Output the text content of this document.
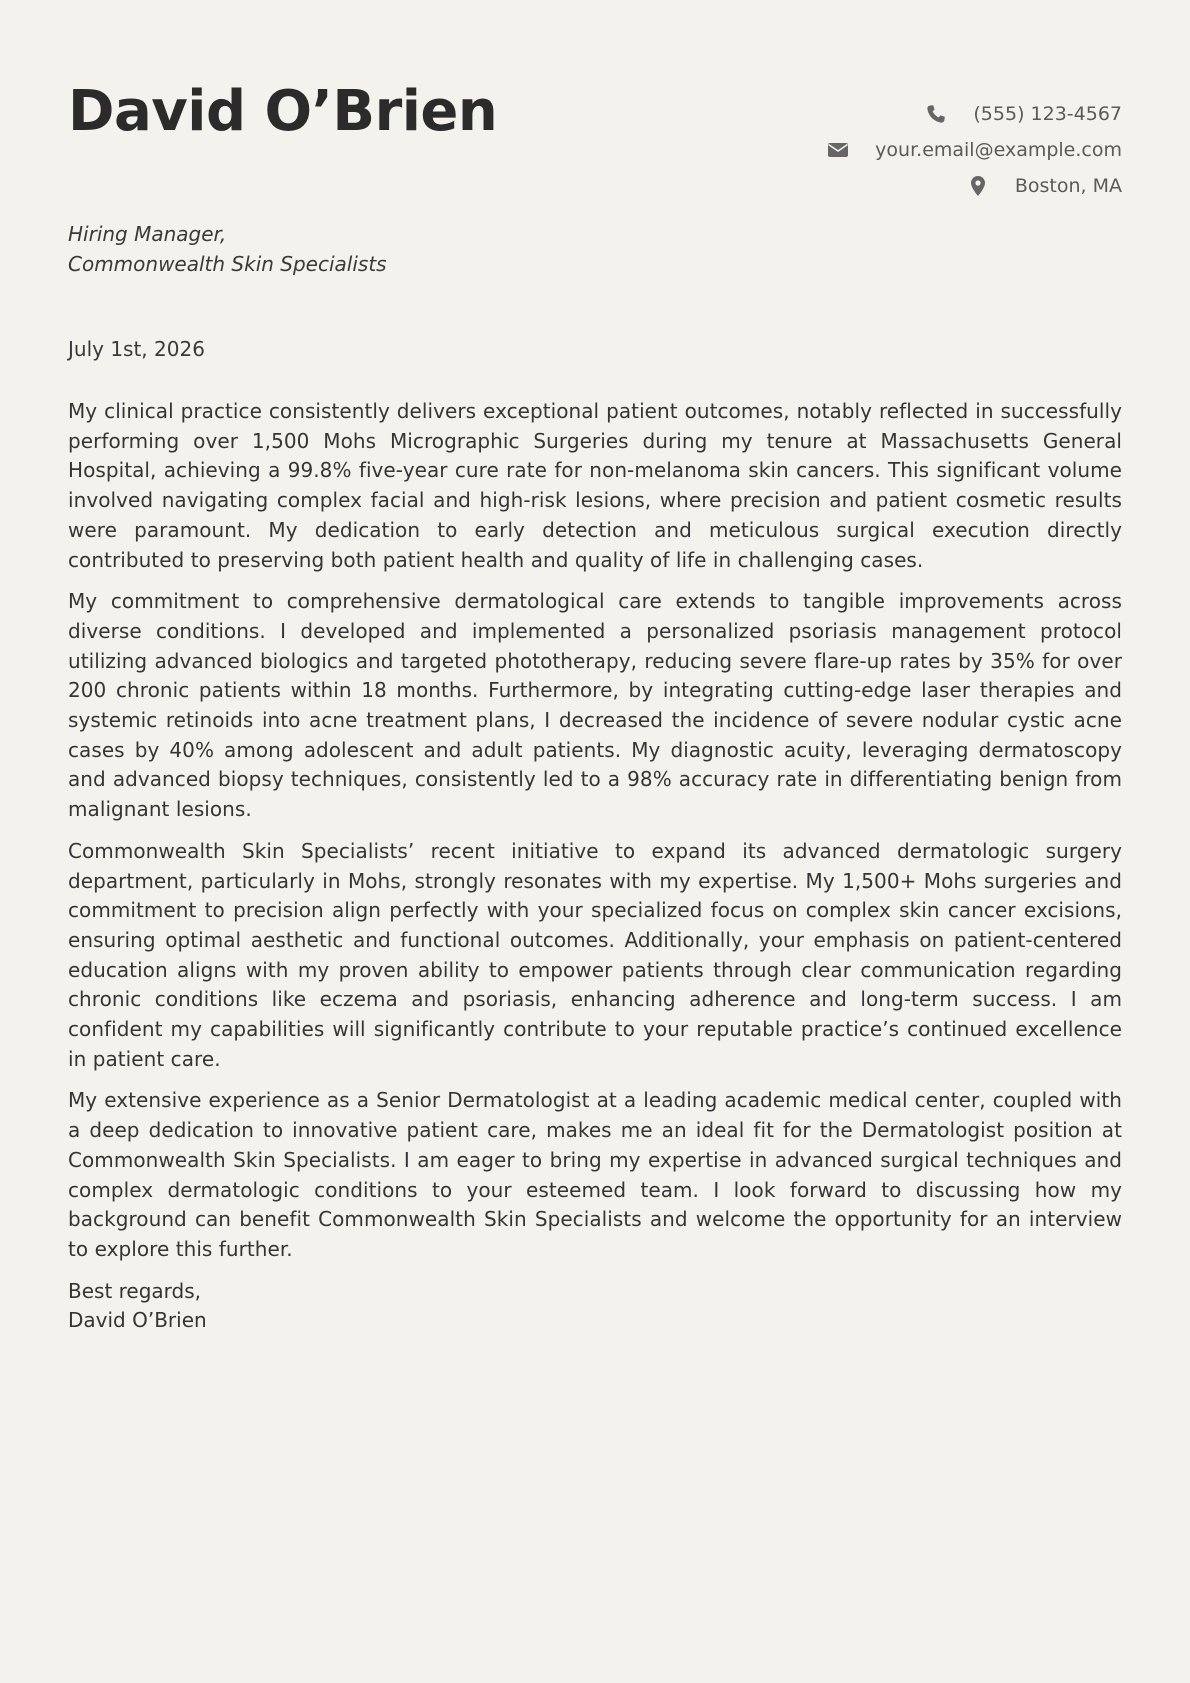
David O’Brien	(555) 123-4567
your.email@example.com
Boston, MA
Hiring Manager,
Commonwealth Skin Specialists
July 1st, 2026

My clinical practice consistently delivers exceptional patient outcomes, notably reflected in successfully performing over 1,500 Mohs Micrographic Surgeries during my tenure at Massachusetts General Hospital, achieving a 99.8% five-year cure rate for non-melanoma skin cancers. This significant volume involved navigating complex facial and high-risk lesions, where precision and patient cosmetic results were paramount. My dedication to early detection and meticulous surgical execution directly contributed to preserving both patient health and quality of life in challenging cases.

My commitment to comprehensive dermatological care extends to tangible improvements across diverse conditions. I developed and implemented a personalized psoriasis management protocol utilizing advanced biologics and targeted phototherapy, reducing severe flare-up rates by 35% for over 200 chronic patients within 18 months. Furthermore, by integrating cutting-edge laser therapies and systemic retinoids into acne treatment plans, I decreased the incidence of severe nodular cystic acne cases by 40% among adolescent and adult patients. My diagnostic acuity, leveraging dermatoscopy and advanced biopsy techniques, consistently led to a 98% accuracy rate in differentiating benign from malignant lesions.

Commonwealth Skin Specialists’ recent initiative to expand its advanced dermatologic surgery department, particularly in Mohs, strongly resonates with my expertise. My 1,500+ Mohs surgeries and commitment to precision align perfectly with your specialized focus on complex skin cancer excisions, ensuring optimal aesthetic and functional outcomes. Additionally, your emphasis on patient-centered education aligns with my proven ability to empower patients through clear communication regarding chronic conditions like eczema and psoriasis, enhancing adherence and long-term success. I am confident my capabilities will significantly contribute to your reputable practice’s continued excellence in patient care.

My extensive experience as a Senior Dermatologist at a leading academic medical center, coupled with a deep dedication to innovative patient care, makes me an ideal fit for the Dermatologist position at Commonwealth Skin Specialists. I am eager to bring my expertise in advanced surgical techniques and complex dermatologic conditions to your esteemed team. I look forward to discussing how my background can benefit Commonwealth Skin Specialists and welcome the opportunity for an interview to explore this further.

Best regards,
David O’Brien
